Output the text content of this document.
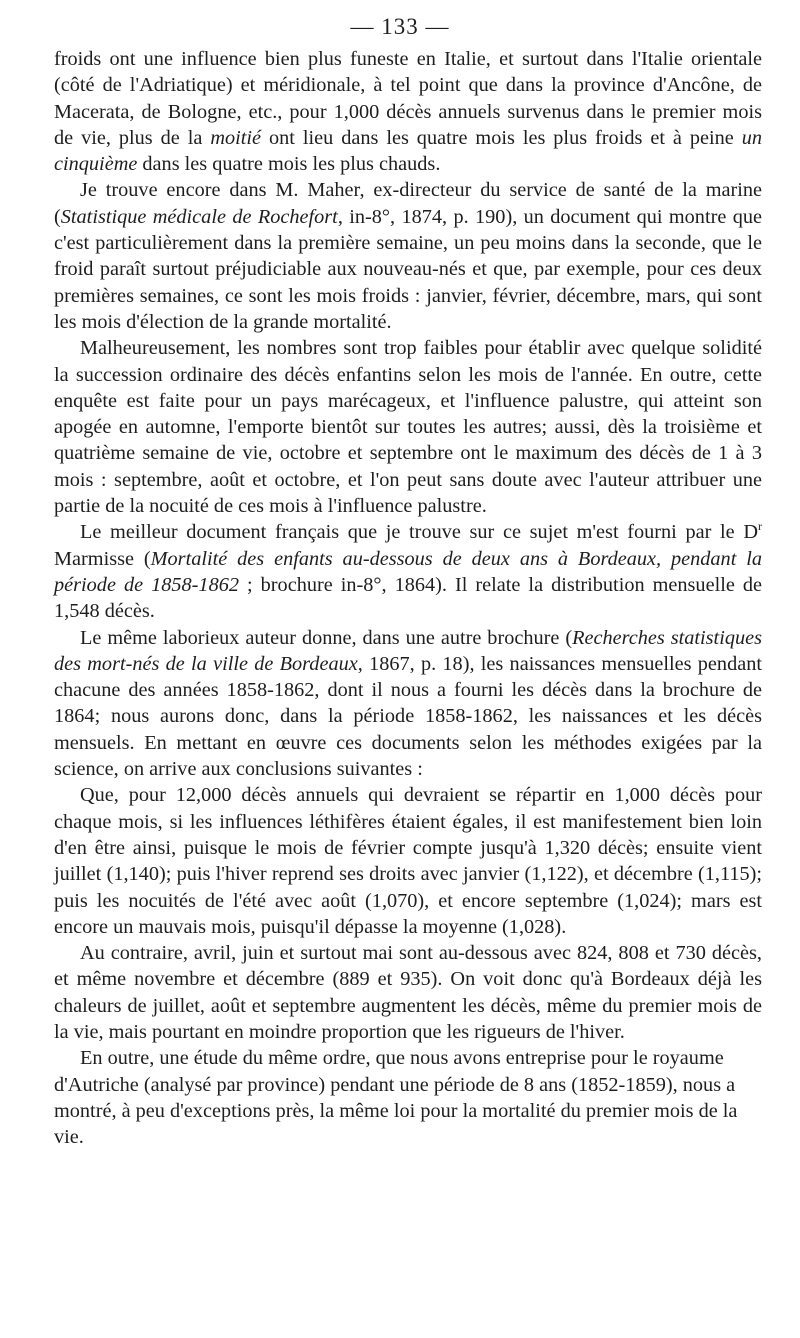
— 133 —

froids ont une influence bien plus funeste en Italie, et surtout dans l'Italie orientale (côté de l'Adriatique) et méridionale, à tel point que dans la province d'Ancône, de Macerata, de Bologne, etc., pour 1,000 décès annuels survenus dans le premier mois de vie, plus de la moitié ont lieu dans les quatre mois les plus froids et à peine un cinquième dans les quatre mois les plus chauds.

Je trouve encore dans M. Maher, ex-directeur du service de santé de la marine (Statistique médicale de Rochefort, in-8°, 1874, p. 190), un document qui montre que c'est particulièrement dans la première semaine, un peu moins dans la seconde, que le froid paraît surtout préjudiciable aux nouveau-nés et que, par exemple, pour ces deux premières semaines, ce sont les mois froids : janvier, février, décembre, mars, qui sont les mois d'élection de la grande mortalité.

Malheureusement, les nombres sont trop faibles pour établir avec quelque solidité la succession ordinaire des décès enfantins selon les mois de l'année. En outre, cette enquête est faite pour un pays marécageux, et l'influence palustre, qui atteint son apogée en automne, l'emporte bientôt sur toutes les autres; aussi, dès la troisième et quatrième semaine de vie, octobre et septembre ont le maximum des décès de 1 à 3 mois : septembre, août et octobre, et l'on peut sans doute avec l'auteur attribuer une partie de la nocuité de ces mois à l'influence palustre.

Le meilleur document français que je trouve sur ce sujet m'est fourni par le $D^r$ Marmisse (Mortalité des enfants au-dessous de deux ans à Bordeaux, pendant la période de 1858-1862 ; brochure in-8°, 1864). Il relate la distribution mensuelle de 1,548 décès.

Le même laborieux auteur donne, dans une autre brochure (Recherches statistiques des mort-nés de la ville de Bordeaux, 1867, p. 18), les naissances mensuelles pendant chacune des années 1858-1862, dont il nous a fourni les décès dans la brochure de 1864; nous aurons donc, dans la période 1858-1862, les naissances et les décès mensuels. En mettant en œuvre ces documents selon les méthodes exigées par la science, on arrive aux conclusions suivantes :

Que, pour 12,000 décès annuels qui devraient se répartir en 1,000 décès pour chaque mois, si les influences léthifères étaient égales, il est manifestement bien loin d'en être ainsi, puisque le mois de février compte jusqu'à 1,320 décès; ensuite vient juillet (1,140); puis l'hiver reprend ses droits avec janvier (1,122), et décembre (1,115); puis les nocuités de l'été avec août (1,070), et encore septembre (1,024); mars est encore un mauvais mois, puisqu'il dépasse la moyenne (1,028).

Au contraire, avril, juin et surtout mai sont au-dessous avec 824, 808 et 730 décès, et même novembre et décembre (889 et 935). On voit donc qu'à Bordeaux déjà les chaleurs de juillet, août et septembre augmentent les décès, même du premier mois de la vie, mais pourtant en moindre proportion que les rigueurs de l'hiver.

En outre, une étude du même ordre, que nous avons entreprise pour le royaume d'Autriche (analysé par province) pendant une période de 8 ans (1852-1859), nous a montré, à peu d'exceptions près, la même loi pour la mortalité du premier mois de la vie.
